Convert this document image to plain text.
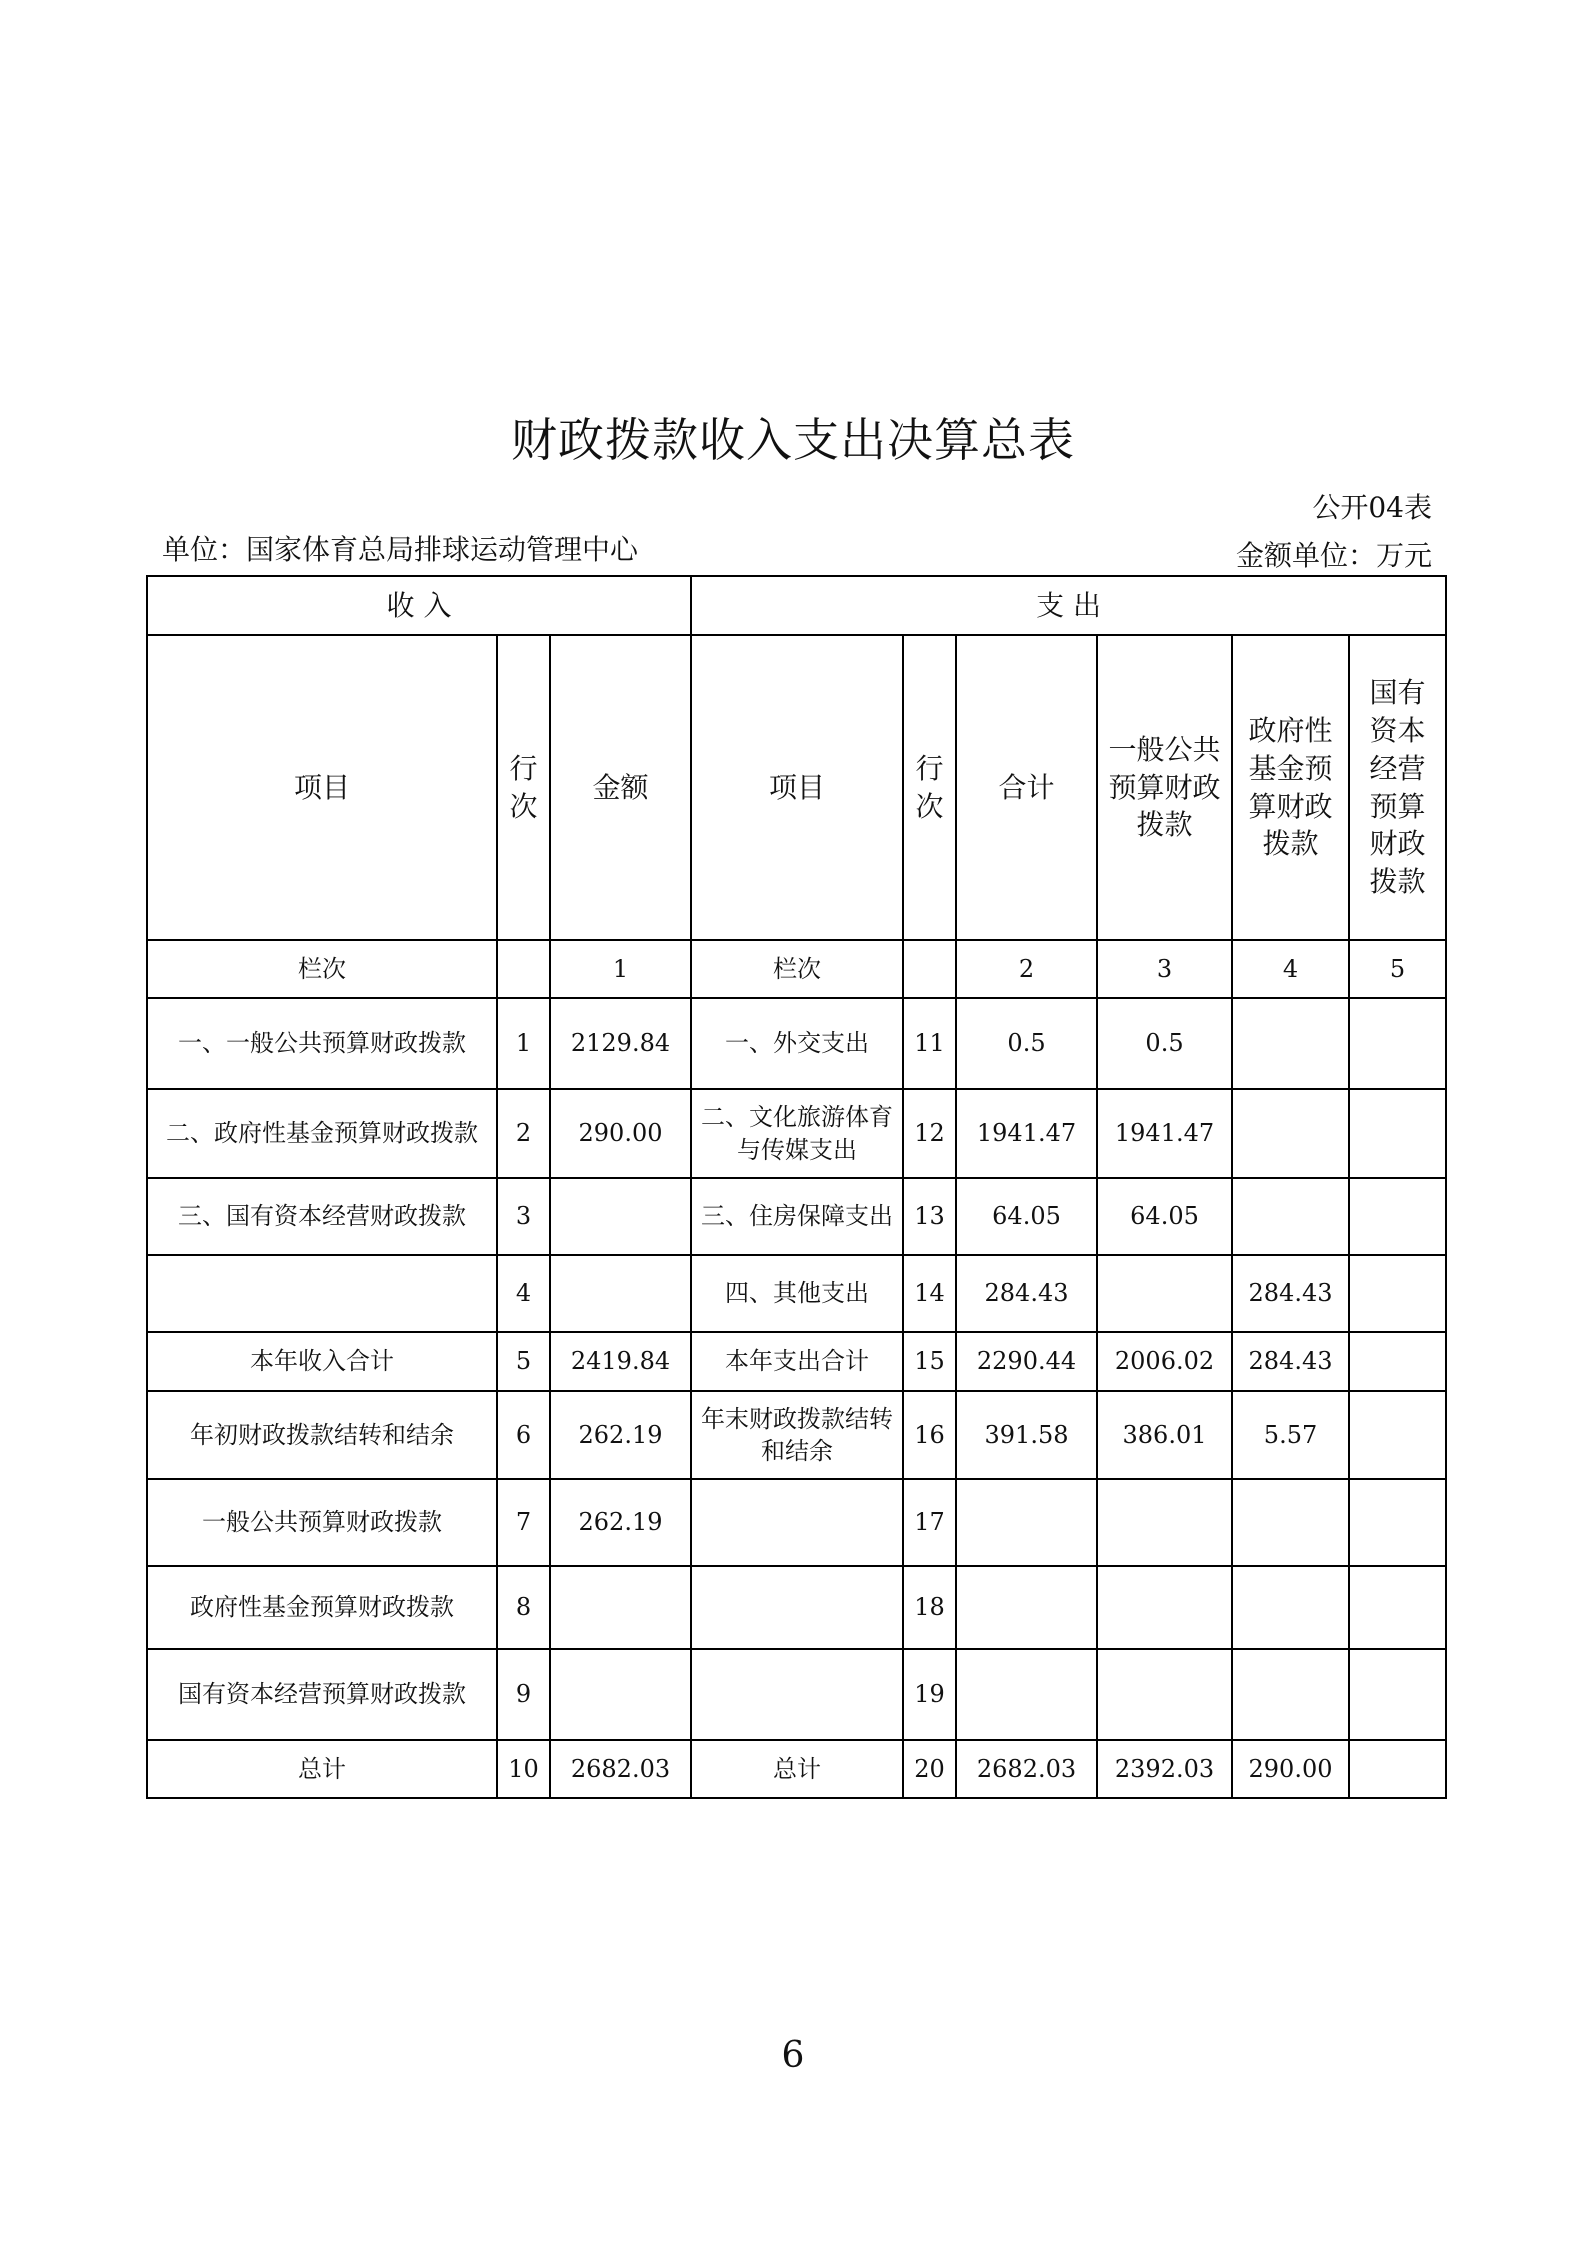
财政拨款收入支出决算总表
公开04表
单位：国家体育总局排球运动管理中心	金额单位：万元
收 入			支 出					
项目	行次	金额	项目	行次	合计	一般公共预算财政拨款	政府性基金预算财政拨款	国有资本经营预算财政拨款
栏次		1	栏次		2	3	4	5
一、一般公共预算财政拨款	1	2129.84	一、外交支出	11	0.5	0.5		
二、政府性基金预算财政拨款	2	290.00	二、文化旅游体育与传媒支出	12	1941.47	1941.47		
三、国有资本经营财政拨款	3		三、住房保障支出	13	64.05	64.05		
	4		四、其他支出	14	284.43		284.43	
本年收入合计	5	2419.84	本年支出合计	15	2290.44	2006.02	284.43	
年初财政拨款结转和结余	6	262.19	年末财政拨款结转和结余	16	391.58	386.01	5.57	
一般公共预算财政拨款	7	262.19		17				
政府性基金预算财政拨款	8			18				
国有资本经营预算财政拨款	9			19				
总计	10	2682.03	总计	20	2682.03	2392.03	290.00	
6
